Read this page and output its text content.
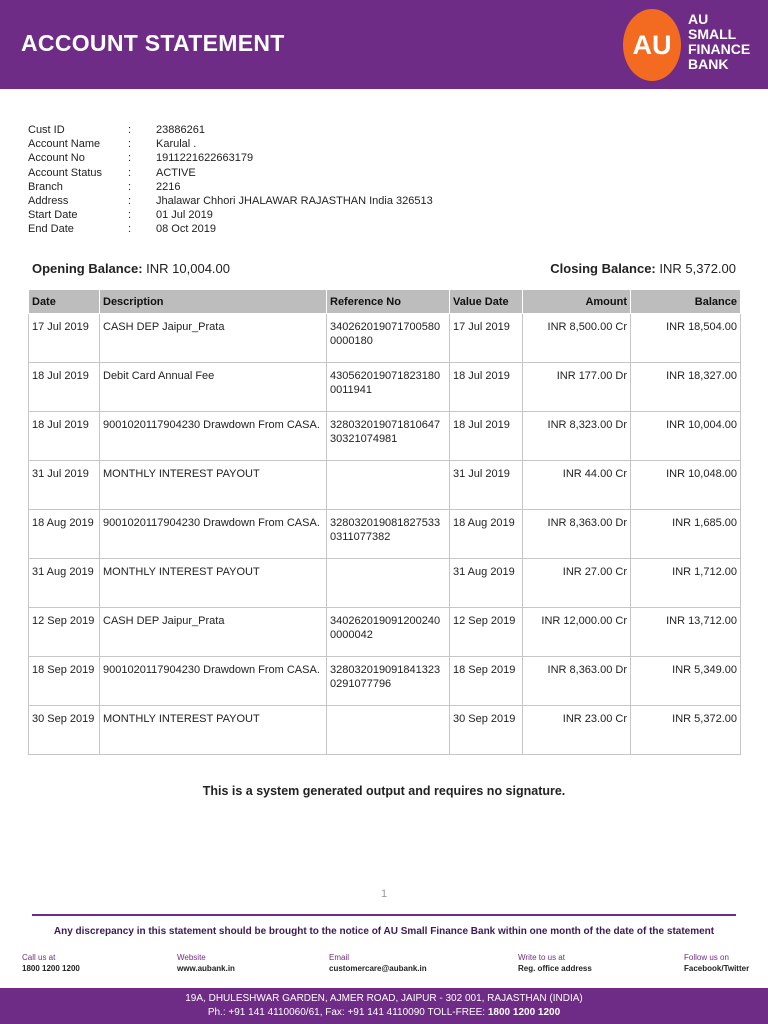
ACCOUNT STATEMENT	AU
AU
SMALL
FINANCE
BANK
Cust ID	:	23886261
Account Name	:	Karulal .
Account No	:	1911221622663179
Account Status	:	ACTIVE
Branch	:	2216
Address	:	Jhalawar Chhori JHALAWAR RAJASTHAN India 326513
Start Date	:	01 Jul 2019
End Date	:	08 Oct 2019
Opening Balance: INR 10,004.00	Closing Balance: INR 5,372.00
Date	Description	Reference No	Value Date	Amount	Balance
17 Jul 2019	CASH DEP Jaipur_Prata	3402620190717005800000180	17 Jul 2019	INR 8,500.00 Cr	INR 18,504.00
18 Jul 2019	Debit Card Annual Fee	4305620190718231800011941	18 Jul 2019	INR 177.00 Dr	INR 18,327.00
18 Jul 2019	9001020117904230 Drawdown From CASA.	32803201907181064730321074981	18 Jul 2019	INR 8,323.00 Dr	INR 10,004.00
31 Jul 2019	MONTHLY INTEREST PAYOUT		31 Jul 2019	INR 44.00 Cr	INR 10,048.00
18 Aug 2019	9001020117904230 Drawdown From CASA.	3280320190818275330311077382	18 Aug 2019	INR 8,363.00 Dr	INR 1,685.00
31 Aug 2019	MONTHLY INTEREST PAYOUT		31 Aug 2019	INR 27.00 Cr	INR 1,712.00
12 Sep 2019	CASH DEP Jaipur_Prata	3402620190912002400000042	12 Sep 2019	INR 12,000.00 Cr	INR 13,712.00
18 Sep 2019	9001020117904230 Drawdown From CASA.	3280320190918413230291077796	18 Sep 2019	INR 8,363.00 Dr	INR 5,349.00
30 Sep 2019	MONTHLY INTEREST PAYOUT		30 Sep 2019	INR 23.00 Cr	INR 5,372.00
This is a system generated output and requires no signature.
1
Any discrepancy in this statement should be brought to the notice of AU Small Finance Bank within one month of the date of the statement
Call us at
1800 1200 1200
Website
www.aubank.in
Email
customercare@aubank.in
Write to us at
Reg. office address
Follow us on
Facebook/Twitter
19A, DHULESHWAR GARDEN, AJMER ROAD, JAIPUR - 302 001, RAJASTHAN (INDIA)
Ph.: +91 141 4110060/61, Fax: +91 141 4110090 TOLL-FREE: 1800 1200 1200
